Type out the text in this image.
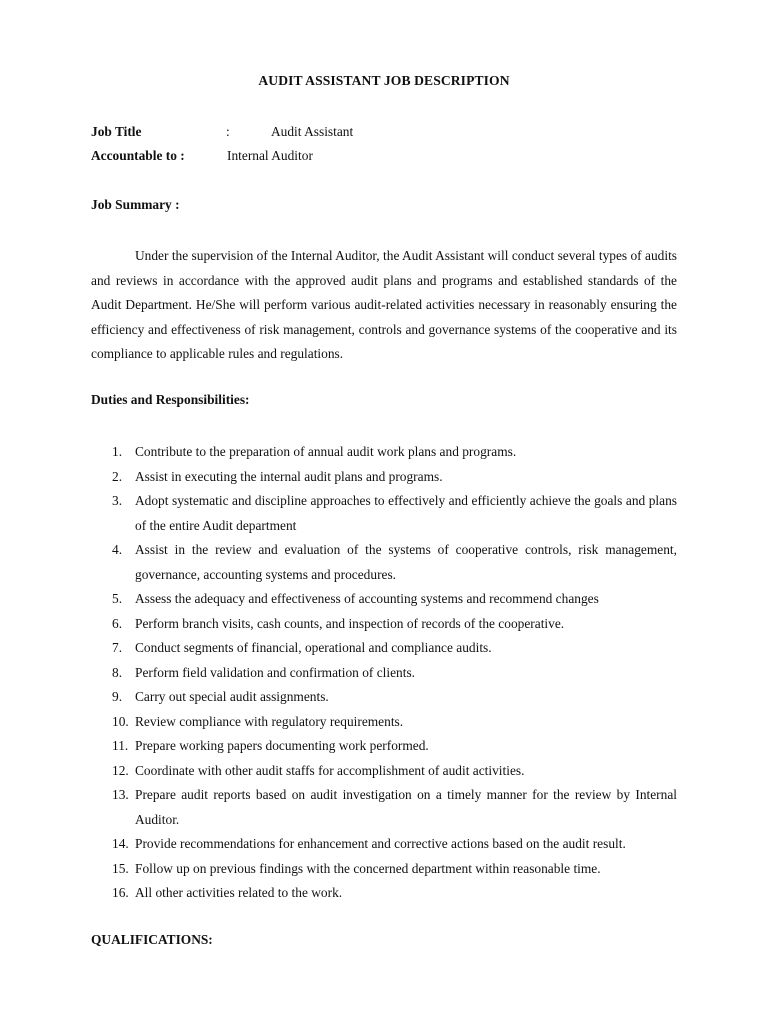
AUDIT ASSISTANT JOB DESCRIPTION
Job Title	:	Audit Assistant
Accountable to :	Internal Auditor
Job Summary :

Under the supervision of the Internal Auditor, the Audit Assistant will conduct several types of audits and reviews in accordance with the approved audit plans and programs and established standards of the Audit Department. He/She will perform various audit-related activities necessary in reasonably ensuring the efficiency and effectiveness of risk management, controls and governance systems of the cooperative and its compliance to applicable rules and regulations.

Duties and Responsibilities:
1. Contribute to the preparation of annual audit work plans and programs.
2. Assist in executing the internal audit plans and programs.
3. Adopt systematic and discipline approaches to effectively and efficiently achieve the goals and plans of the entire Audit department
4. Assist in the review and evaluation of the systems of cooperative controls, risk management, governance, accounting systems and procedures.
5. Assess the adequacy and effectiveness of accounting systems and recommend changes
6. Perform branch visits, cash counts, and inspection of records of the cooperative.
7. Conduct segments of financial, operational and compliance audits.
8. Perform field validation and confirmation of clients.
9. Carry out special audit assignments.
10. Review compliance with regulatory requirements.
11. Prepare working papers documenting work performed.
12. Coordinate with other audit staffs for accomplishment of audit activities.
13. Prepare audit reports based on audit investigation on a timely manner for the review by Internal Auditor.
14. Provide recommendations for enhancement and corrective actions based on the audit result.
15. Follow up on previous findings with the concerned department within reasonable time.
16. All other activities related to the work.
QUALIFICATIONS:
